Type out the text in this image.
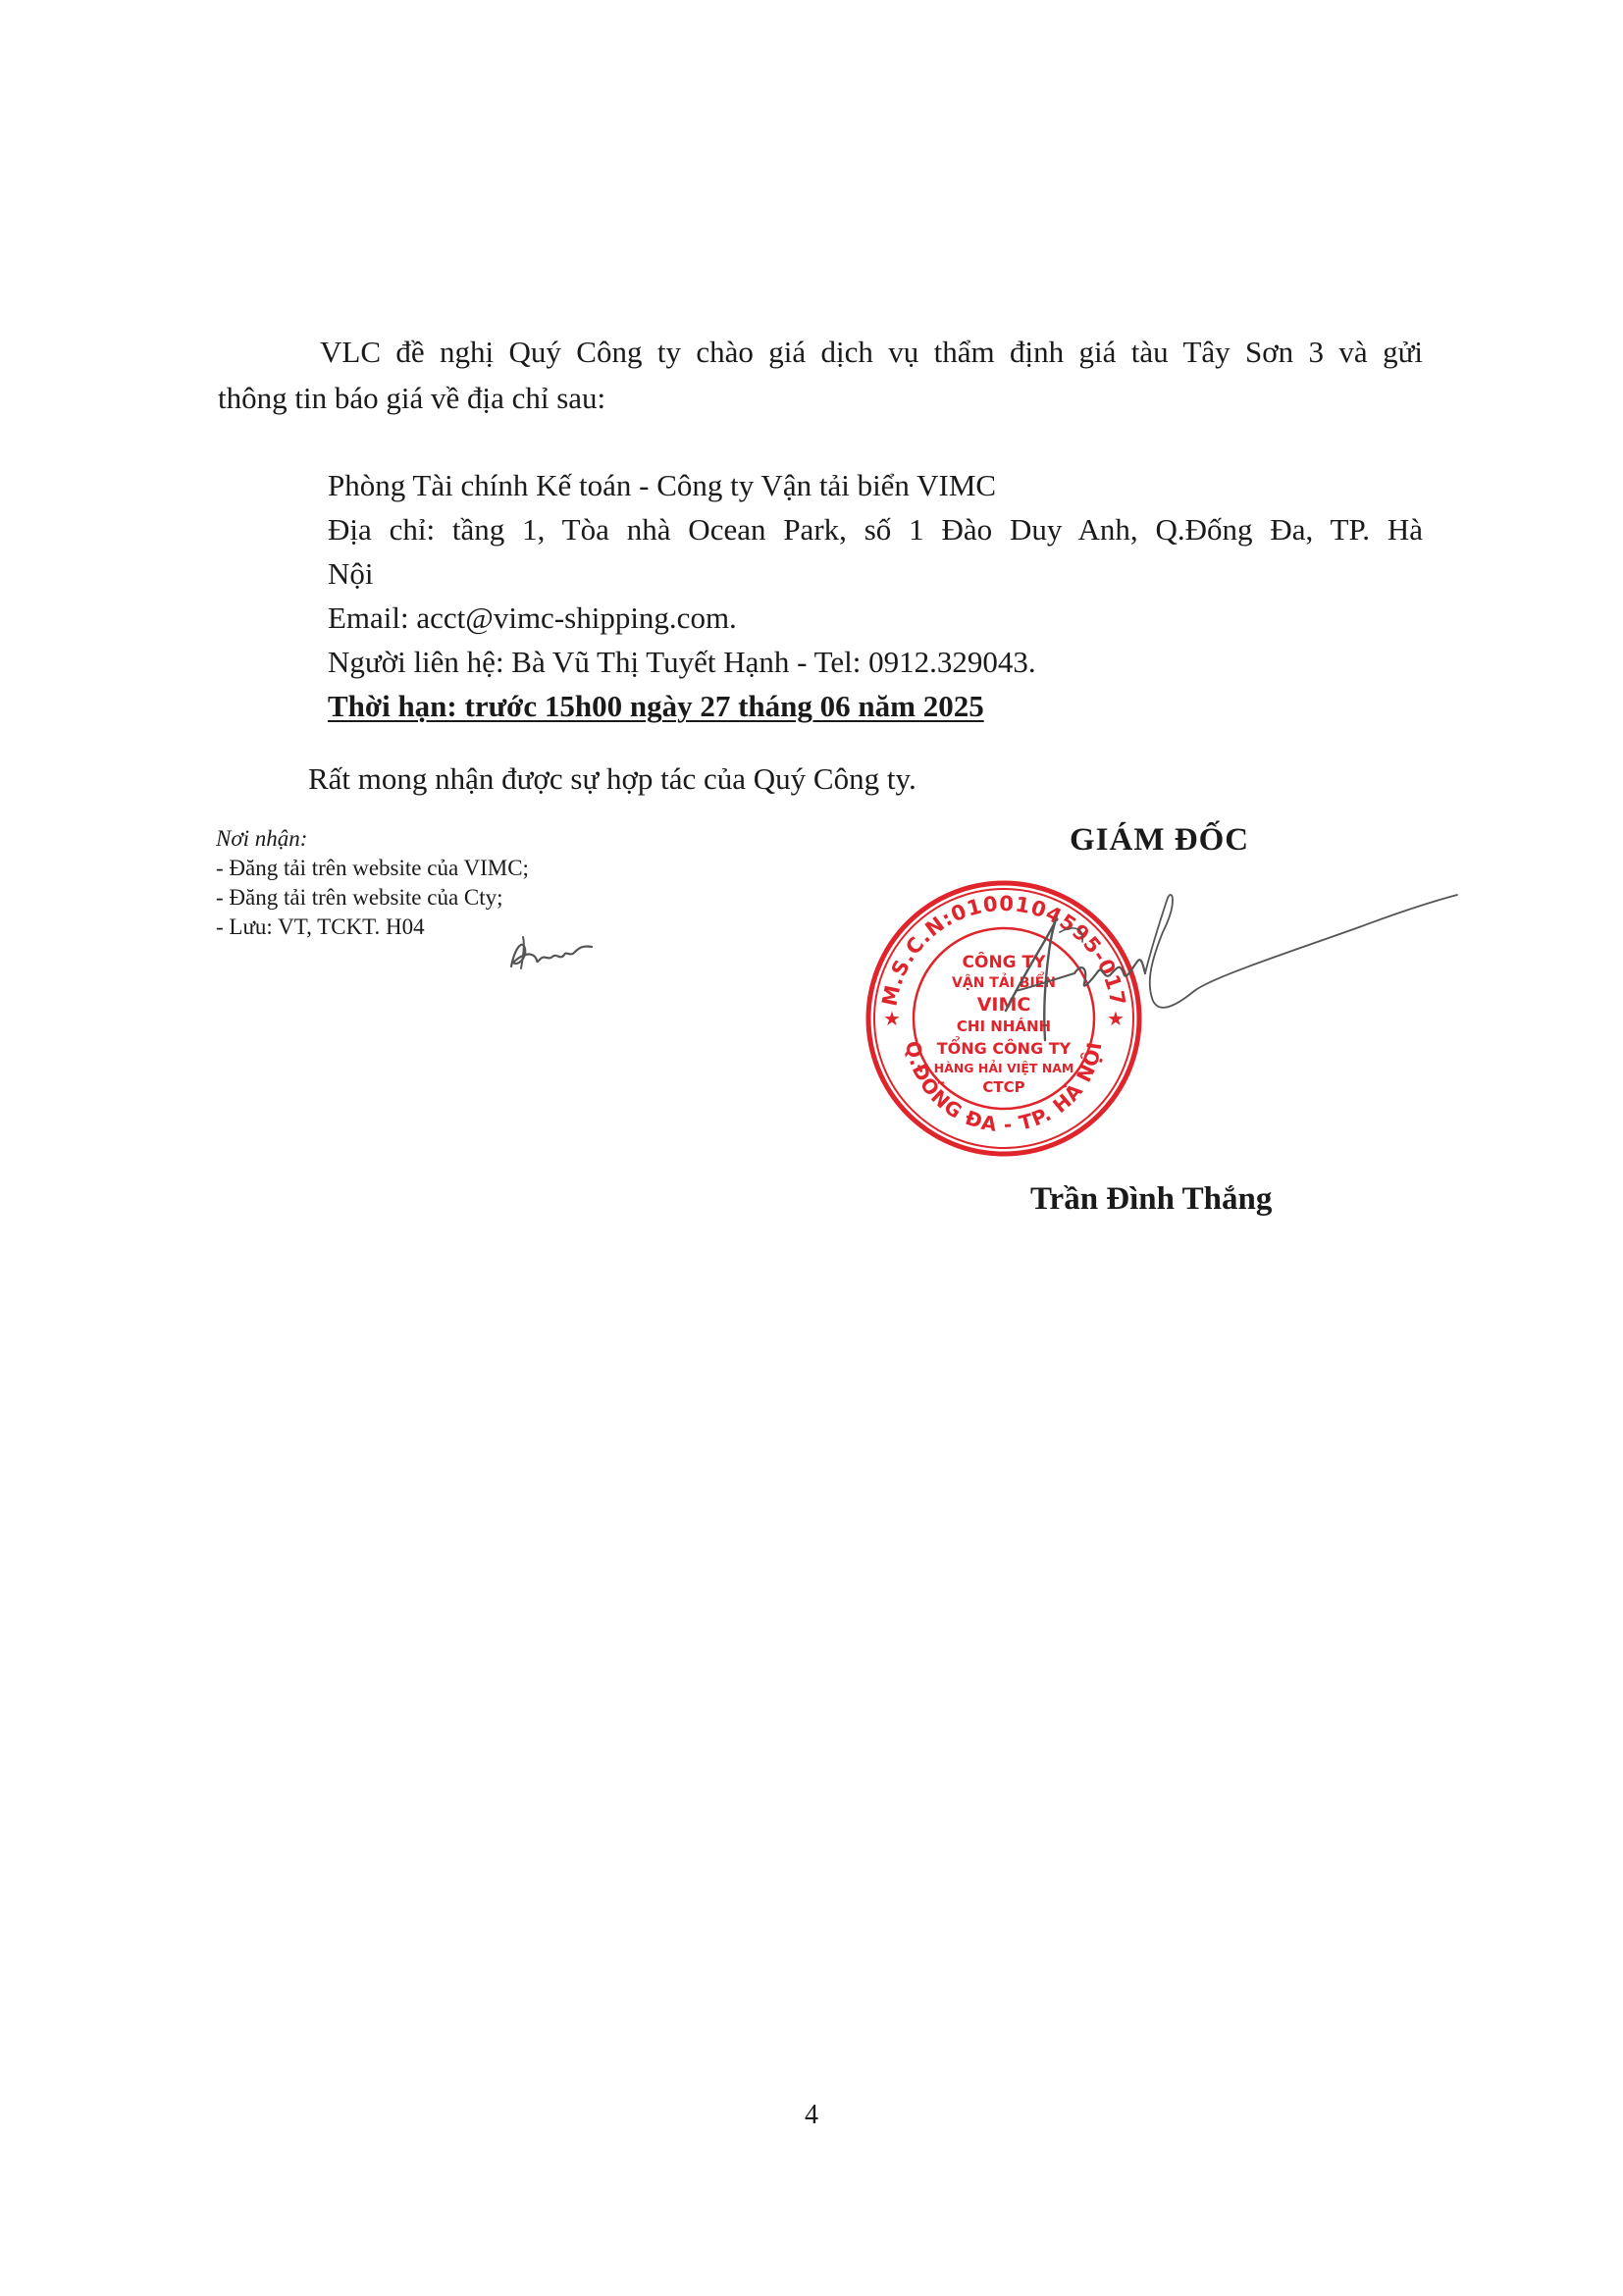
VLC đề nghị Quý Công ty chào giá dịch vụ thẩm định giá tàu Tây Sơn 3 và gửi
thông tin báo giá về địa chỉ sau:
Phòng Tài chính Kế toán - Công ty Vận tải biển VIMC
Địa chỉ: tầng 1, Tòa nhà Ocean Park, số 1 Đào Duy Anh, Q.Đống Đa, TP. Hà
Nội
Email: acct@vimc-shipping.com.
Người liên hệ: Bà Vũ Thị Tuyết Hạnh - Tel: 0912.329043.
Thời hạn: trước 15h00 ngày 27 tháng 06 năm 2025
Rất mong nhận được sự hợp tác của Quý Công ty.
Nơi nhận:
- Đăng tải trên website của VIMC;
- Đăng tải trên website của Cty;
- Lưu: VT, TCKT. H04
GIÁM ĐỐC
M.S.C.N:0100104595-017
Q.ĐỐNG ĐA - TP. HÀ NỘI
★	★
CÔNG TY
VẬN TẢI BIỂN
VIMC
CHI NHÁNH
TỔNG CÔNG TY
HÀNG HẢI VIỆT NAM
CTCP
Trần Đình Thắng
4
